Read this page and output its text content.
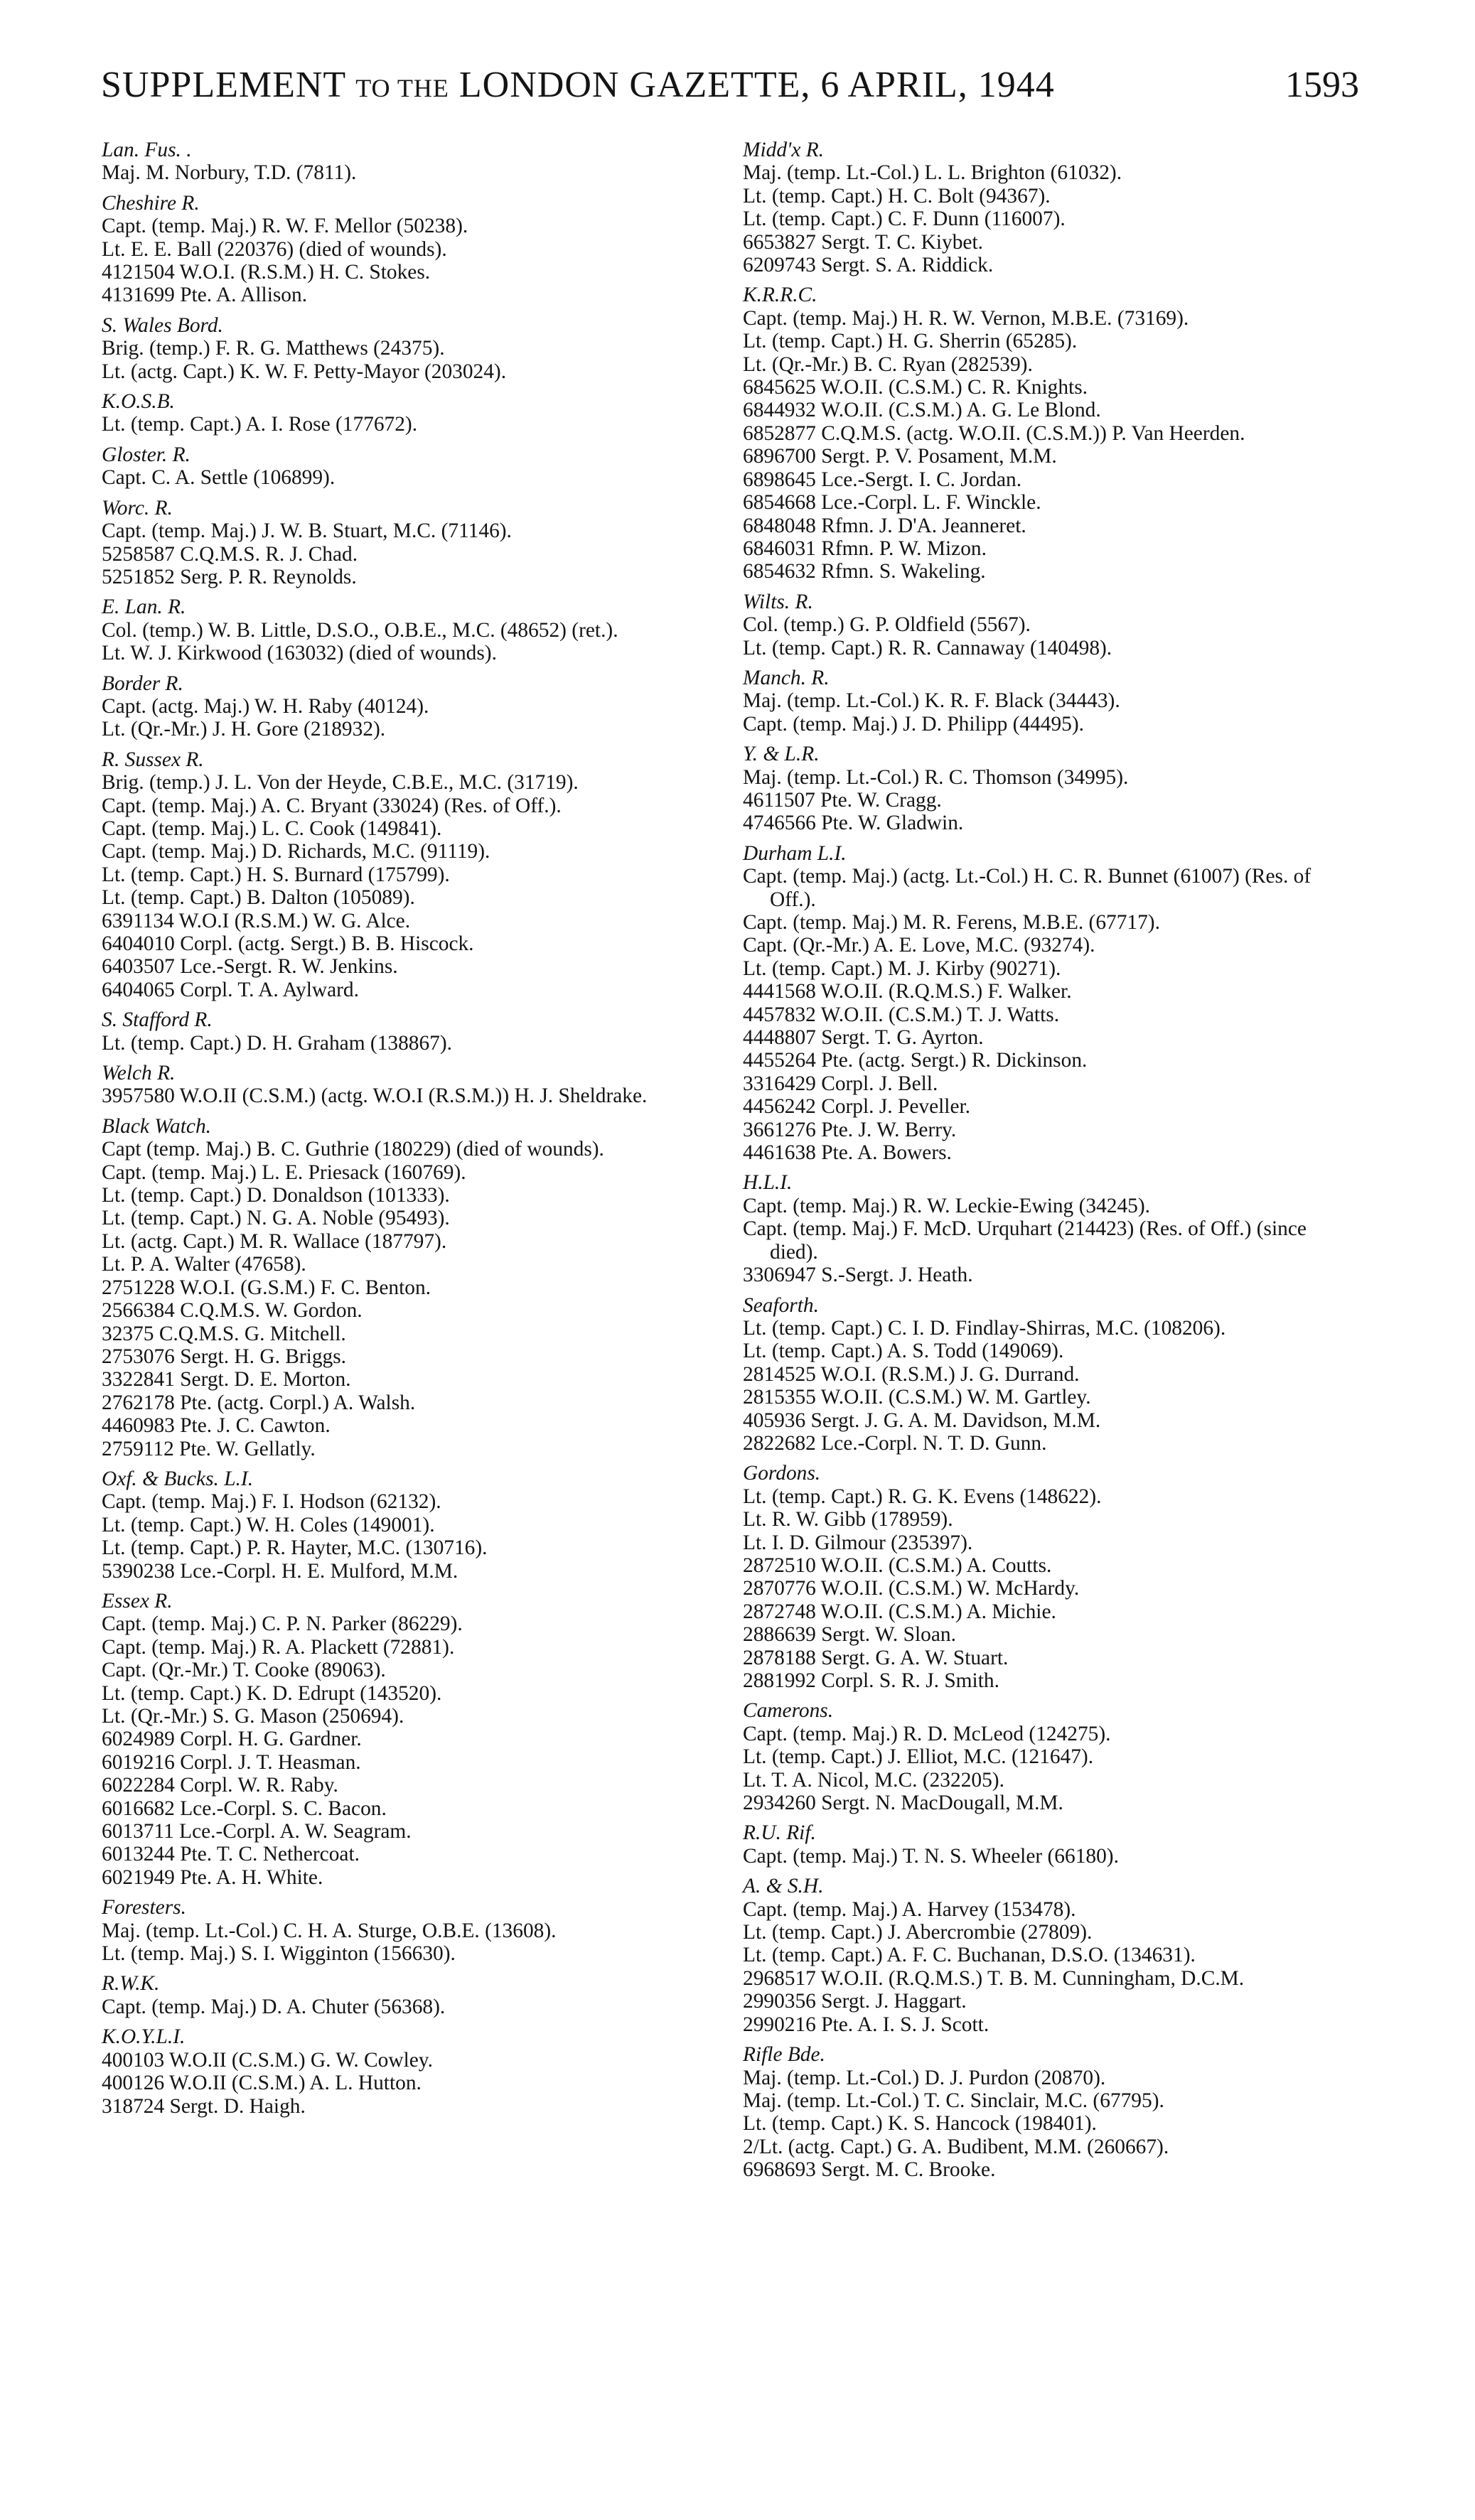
SUPPLEMENT TO THE LONDON GAZETTE, 6 APRIL, 1944	1593
Lan. Fus. .
Maj. M. Norbury, T.D. (7811).
Cheshire R.
Capt. (temp. Maj.) R. W. F. Mellor (50238).
Lt. E. E. Ball (220376) (died of wounds).
4121504 W.O.I. (R.S.M.) H. C. Stokes.
4131699 Pte. A. Allison.
S. Wales Bord.
Brig. (temp.) F. R. G. Matthews (24375).
Lt. (actg. Capt.) K. W. F. Petty-Mayor (203024).
K.O.S.B.
Lt. (temp. Capt.) A. I. Rose (177672).
Gloster. R.
Capt. C. A. Settle (106899).
Worc. R.
Capt. (temp. Maj.) J. W. B. Stuart, M.C. (71146).
5258587 C.Q.M.S. R. J. Chad.
5251852 Serg. P. R. Reynolds.
E. Lan. R.
Col. (temp.) W. B. Little, D.S.O., O.B.E., M.C. (48652) (ret.).
Lt. W. J. Kirkwood (163032) (died of wounds).
Border R.
Capt. (actg. Maj.) W. H. Raby (40124).
Lt. (Qr.-Mr.) J. H. Gore (218932).
R. Sussex R.
Brig. (temp.) J. L. Von der Heyde, C.B.E., M.C. (31719).
Capt. (temp. Maj.) A. C. Bryant (33024) (Res. of Off.).
Capt. (temp. Maj.) L. C. Cook (149841).
Capt. (temp. Maj.) D. Richards, M.C. (91119).
Lt. (temp. Capt.) H. S. Burnard (175799).
Lt. (temp. Capt.) B. Dalton (105089).
6391134 W.O.I (R.S.M.) W. G. Alce.
6404010 Corpl. (actg. Sergt.) B. B. Hiscock.
6403507 Lce.-Sergt. R. W. Jenkins.
6404065 Corpl. T. A. Aylward.
S. Stafford R.
Lt. (temp. Capt.) D. H. Graham (138867).
Welch R.
3957580 W.O.II (C.S.M.) (actg. W.O.I (R.S.M.)) H. J. Sheldrake.
Black Watch.
Capt (temp. Maj.) B. C. Guthrie (180229) (died of wounds).
Capt. (temp. Maj.) L. E. Priesack (160769).
Lt. (temp. Capt.) D. Donaldson (101333).
Lt. (temp. Capt.) N. G. A. Noble (95493).
Lt. (actg. Capt.) M. R. Wallace (187797).
Lt. P. A. Walter (47658).
2751228 W.O.I. (G.S.M.) F. C. Benton.
2566384 C.Q.M.S. W. Gordon.
32375 C.Q.M.S. G. Mitchell.
2753076 Sergt. H. G. Briggs.
3322841 Sergt. D. E. Morton.
2762178 Pte. (actg. Corpl.) A. Walsh.
4460983 Pte. J. C. Cawton.
2759112 Pte. W. Gellatly.
Oxf. & Bucks. L.I.
Capt. (temp. Maj.) F. I. Hodson (62132).
Lt. (temp. Capt.) W. H. Coles (149001).
Lt. (temp. Capt.) P. R. Hayter, M.C. (130716).
5390238 Lce.-Corpl. H. E. Mulford, M.M.
Essex R.
Capt. (temp. Maj.) C. P. N. Parker (86229).
Capt. (temp. Maj.) R. A. Plackett (72881).
Capt. (Qr.-Mr.) T. Cooke (89063).
Lt. (temp. Capt.) K. D. Edrupt (143520).
Lt. (Qr.-Mr.) S. G. Mason (250694).
6024989 Corpl. H. G. Gardner.
6019216 Corpl. J. T. Heasman.
6022284 Corpl. W. R. Raby.
6016682 Lce.-Corpl. S. C. Bacon.
6013711 Lce.-Corpl. A. W. Seagram.
6013244 Pte. T. C. Nethercoat.
6021949 Pte. A. H. White.
Foresters.
Maj. (temp. Lt.-Col.) C. H. A. Sturge, O.B.E. (13608).
Lt. (temp. Maj.) S. I. Wigginton (156630).
R.W.K.
Capt. (temp. Maj.) D. A. Chuter (56368).
K.O.Y.L.I.
400103 W.O.II (C.S.M.) G. W. Cowley.
400126 W.O.II (C.S.M.) A. L. Hutton.
318724 Sergt. D. Haigh.
Midd'x R.
Maj. (temp. Lt.-Col.) L. L. Brighton (61032).
Lt. (temp. Capt.) H. C. Bolt (94367).
Lt. (temp. Capt.) C. F. Dunn (116007).
6653827 Sergt. T. C. Kiybet.
6209743 Sergt. S. A. Riddick.
K.R.R.C.
Capt. (temp. Maj.) H. R. W. Vernon, M.B.E. (73169).
Lt. (temp. Capt.) H. G. Sherrin (65285).
Lt. (Qr.-Mr.) B. C. Ryan (282539).
6845625 W.O.II. (C.S.M.) C. R. Knights.
6844932 W.O.II. (C.S.M.) A. G. Le Blond.
6852877 C.Q.M.S. (actg. W.O.II. (C.S.M.)) P. Van Heerden.
6896700 Sergt. P. V. Posament, M.M.
6898645 Lce.-Sergt. I. C. Jordan.
6854668 Lce.-Corpl. L. F. Winckle.
6848048 Rfmn. J. D'A. Jeanneret.
6846031 Rfmn. P. W. Mizon.
6854632 Rfmn. S. Wakeling.
Wilts. R.
Col. (temp.) G. P. Oldfield (5567).
Lt. (temp. Capt.) R. R. Cannaway (140498).
Manch. R.
Maj. (temp. Lt.-Col.) K. R. F. Black (34443).
Capt. (temp. Maj.) J. D. Philipp (44495).
Y. & L.R.
Maj. (temp. Lt.-Col.) R. C. Thomson (34995).
4611507 Pte. W. Cragg.
4746566 Pte. W. Gladwin.
Durham L.I.
Capt. (temp. Maj.) (actg. Lt.-Col.) H. C. R. Bunnet (61007) (Res. of Off.).
Capt. (temp. Maj.) M. R. Ferens, M.B.E. (67717).
Capt. (Qr.-Mr.) A. E. Love, M.C. (93274).
Lt. (temp. Capt.) M. J. Kirby (90271).
4441568 W.O.II. (R.Q.M.S.) F. Walker.
4457832 W.O.II. (C.S.M.) T. J. Watts.
4448807 Sergt. T. G. Ayrton.
4455264 Pte. (actg. Sergt.) R. Dickinson.
3316429 Corpl. J. Bell.
4456242 Corpl. J. Peveller.
3661276 Pte. J. W. Berry.
4461638 Pte. A. Bowers.
H.L.I.
Capt. (temp. Maj.) R. W. Leckie-Ewing (34245).
Capt. (temp. Maj.) F. McD. Urquhart (214423) (Res. of Off.) (since died).
3306947 S.-Sergt. J. Heath.
Seaforth.
Lt. (temp. Capt.) C. I. D. Findlay-Shirras, M.C. (108206).
Lt. (temp. Capt.) A. S. Todd (149069).
2814525 W.O.I. (R.S.M.) J. G. Durrand.
2815355 W.O.II. (C.S.M.) W. M. Gartley.
405936 Sergt. J. G. A. M. Davidson, M.M.
2822682 Lce.-Corpl. N. T. D. Gunn.
Gordons.
Lt. (temp. Capt.) R. G. K. Evens (148622).
Lt. R. W. Gibb (178959).
Lt. I. D. Gilmour (235397).
2872510 W.O.II. (C.S.M.) A. Coutts.
2870776 W.O.II. (C.S.M.) W. McHardy.
2872748 W.O.II. (C.S.M.) A. Michie.
2886639 Sergt. W. Sloan.
2878188 Sergt. G. A. W. Stuart.
2881992 Corpl. S. R. J. Smith.
Camerons.
Capt. (temp. Maj.) R. D. McLeod (124275).
Lt. (temp. Capt.) J. Elliot, M.C. (121647).
Lt. T. A. Nicol, M.C. (232205).
2934260 Sergt. N. MacDougall, M.M.
R.U. Rif.
Capt. (temp. Maj.) T. N. S. Wheeler (66180).
A. & S.H.
Capt. (temp. Maj.) A. Harvey (153478).
Lt. (temp. Capt.) J. Abercrombie (27809).
Lt. (temp. Capt.) A. F. C. Buchanan, D.S.O. (134631).
2968517 W.O.II. (R.Q.M.S.) T. B. M. Cunningham, D.C.M.
2990356 Sergt. J. Haggart.
2990216 Pte. A. I. S. J. Scott.
Rifle Bde.
Maj. (temp. Lt.-Col.) D. J. Purdon (20870).
Maj. (temp. Lt.-Col.) T. C. Sinclair, M.C. (67795).
Lt. (temp. Capt.) K. S. Hancock (198401).
2/Lt. (actg. Capt.) G. A. Budibent, M.M. (260667).
6968693 Sergt. M. C. Brooke.
